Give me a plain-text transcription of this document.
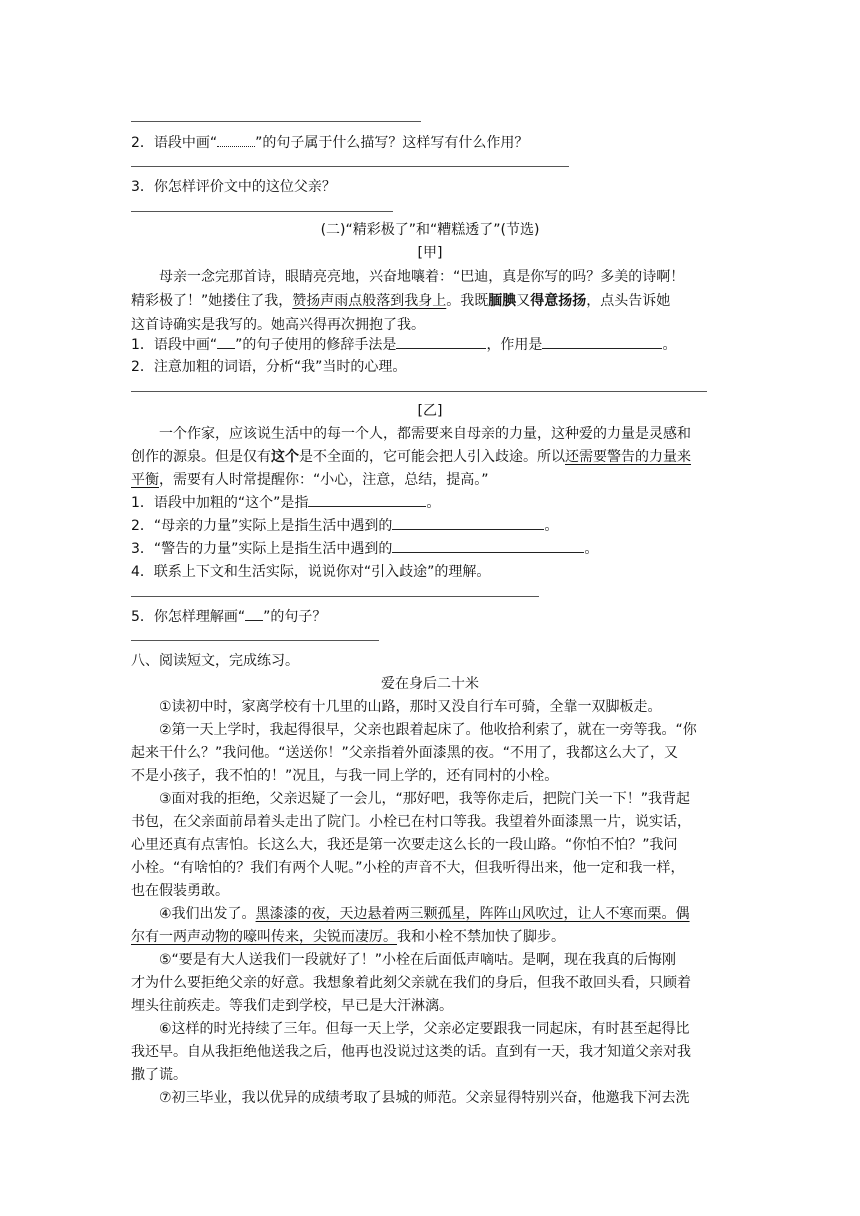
2．语段中画“	”的句子属于什么描写？这样写有什么作用？
3．你怎样评价文中的这位父亲？
(二)“精彩极了”和“糟糕透了”(节选)
[甲]
母亲一念完那首诗，眼睛亮亮地，兴奋地嚷着：“巴迪，真是你写的吗？多美的诗啊！
精彩极了！”她搂住了我，赞扬声雨点般落到我身上。我既腼腆又得意扬扬，点头告诉她
这首诗确实是我写的。她高兴得再次拥抱了我。
1．语段中画“ ”的句子使用的修辞手法是	，作用是	。
2．注意加粗的词语，分析“我”当时的心理。
[乙]
一个作家，应该说生活中的每一个人，都需要来自母亲的力量，这种爱的力量是灵感和
创作的源泉。但是仅有这个是不全面的，它可能会把人引入歧途。所以还需要警告的力量来
平衡，需要有人时常提醒你：“小心，注意，总结，提高。”
1．语段中加粗的“这个”是指	。
2．“母亲的力量”实际上是指生活中遇到的	。
3．“警告的力量”实际上是指生活中遇到的	。
4．联系上下文和生活实际，说说你对“引入歧途”的理解。
5．你怎样理解画“ ”的句子？
八、阅读短文，完成练习。
爱在身后二十米
①读初中时，家离学校有十几里的山路，那时又没自行车可骑，全靠一双脚板走。
②第一天上学时，我起得很早，父亲也跟着起床了。他收拾利索了，就在一旁等我。“你
起来干什么？”我问他。“送送你！”父亲指着外面漆黑的夜。“不用了，我都这么大了，又
不是小孩子，我不怕的！”况且，与我一同上学的，还有同村的小栓。
③面对我的拒绝，父亲迟疑了一会儿，“那好吧，我等你走后，把院门关一下！”我背起
书包，在父亲面前昂着头走出了院门。小栓已在村口等我。我望着外面漆黑一片，说实话，
心里还真有点害怕。长这么大，我还是第一次要走这么长的一段山路。“你怕不怕？”我问
小栓。“有啥怕的？我们有两个人呢。”小栓的声音不大，但我听得出来，他一定和我一样，
也在假装勇敢。
④我们出发了。黑漆漆的夜，天边悬着两三颗孤星，阵阵山风吹过，让人不寒而栗。偶
尔有一两声动物的嚎叫传来，尖锐而凄厉。我和小栓不禁加快了脚步。
⑤“要是有大人送我们一段就好了！”小栓在后面低声嘀咕。是啊，现在我真的后悔刚
才为什么要拒绝父亲的好意。我想象着此刻父亲就在我们的身后，但我不敢回头看，只顾着
埋头往前疾走。等我们走到学校，早已是大汗淋漓。
⑥这样的时光持续了三年。但每一天上学，父亲必定要跟我一同起床，有时甚至起得比
我还早。自从我拒绝他送我之后，他再也没说过这类的话。直到有一天，我才知道父亲对我
撒了谎。
⑦初三毕业，我以优异的成绩考取了县城的师范。父亲显得特别兴奋，他邀我下河去洗
